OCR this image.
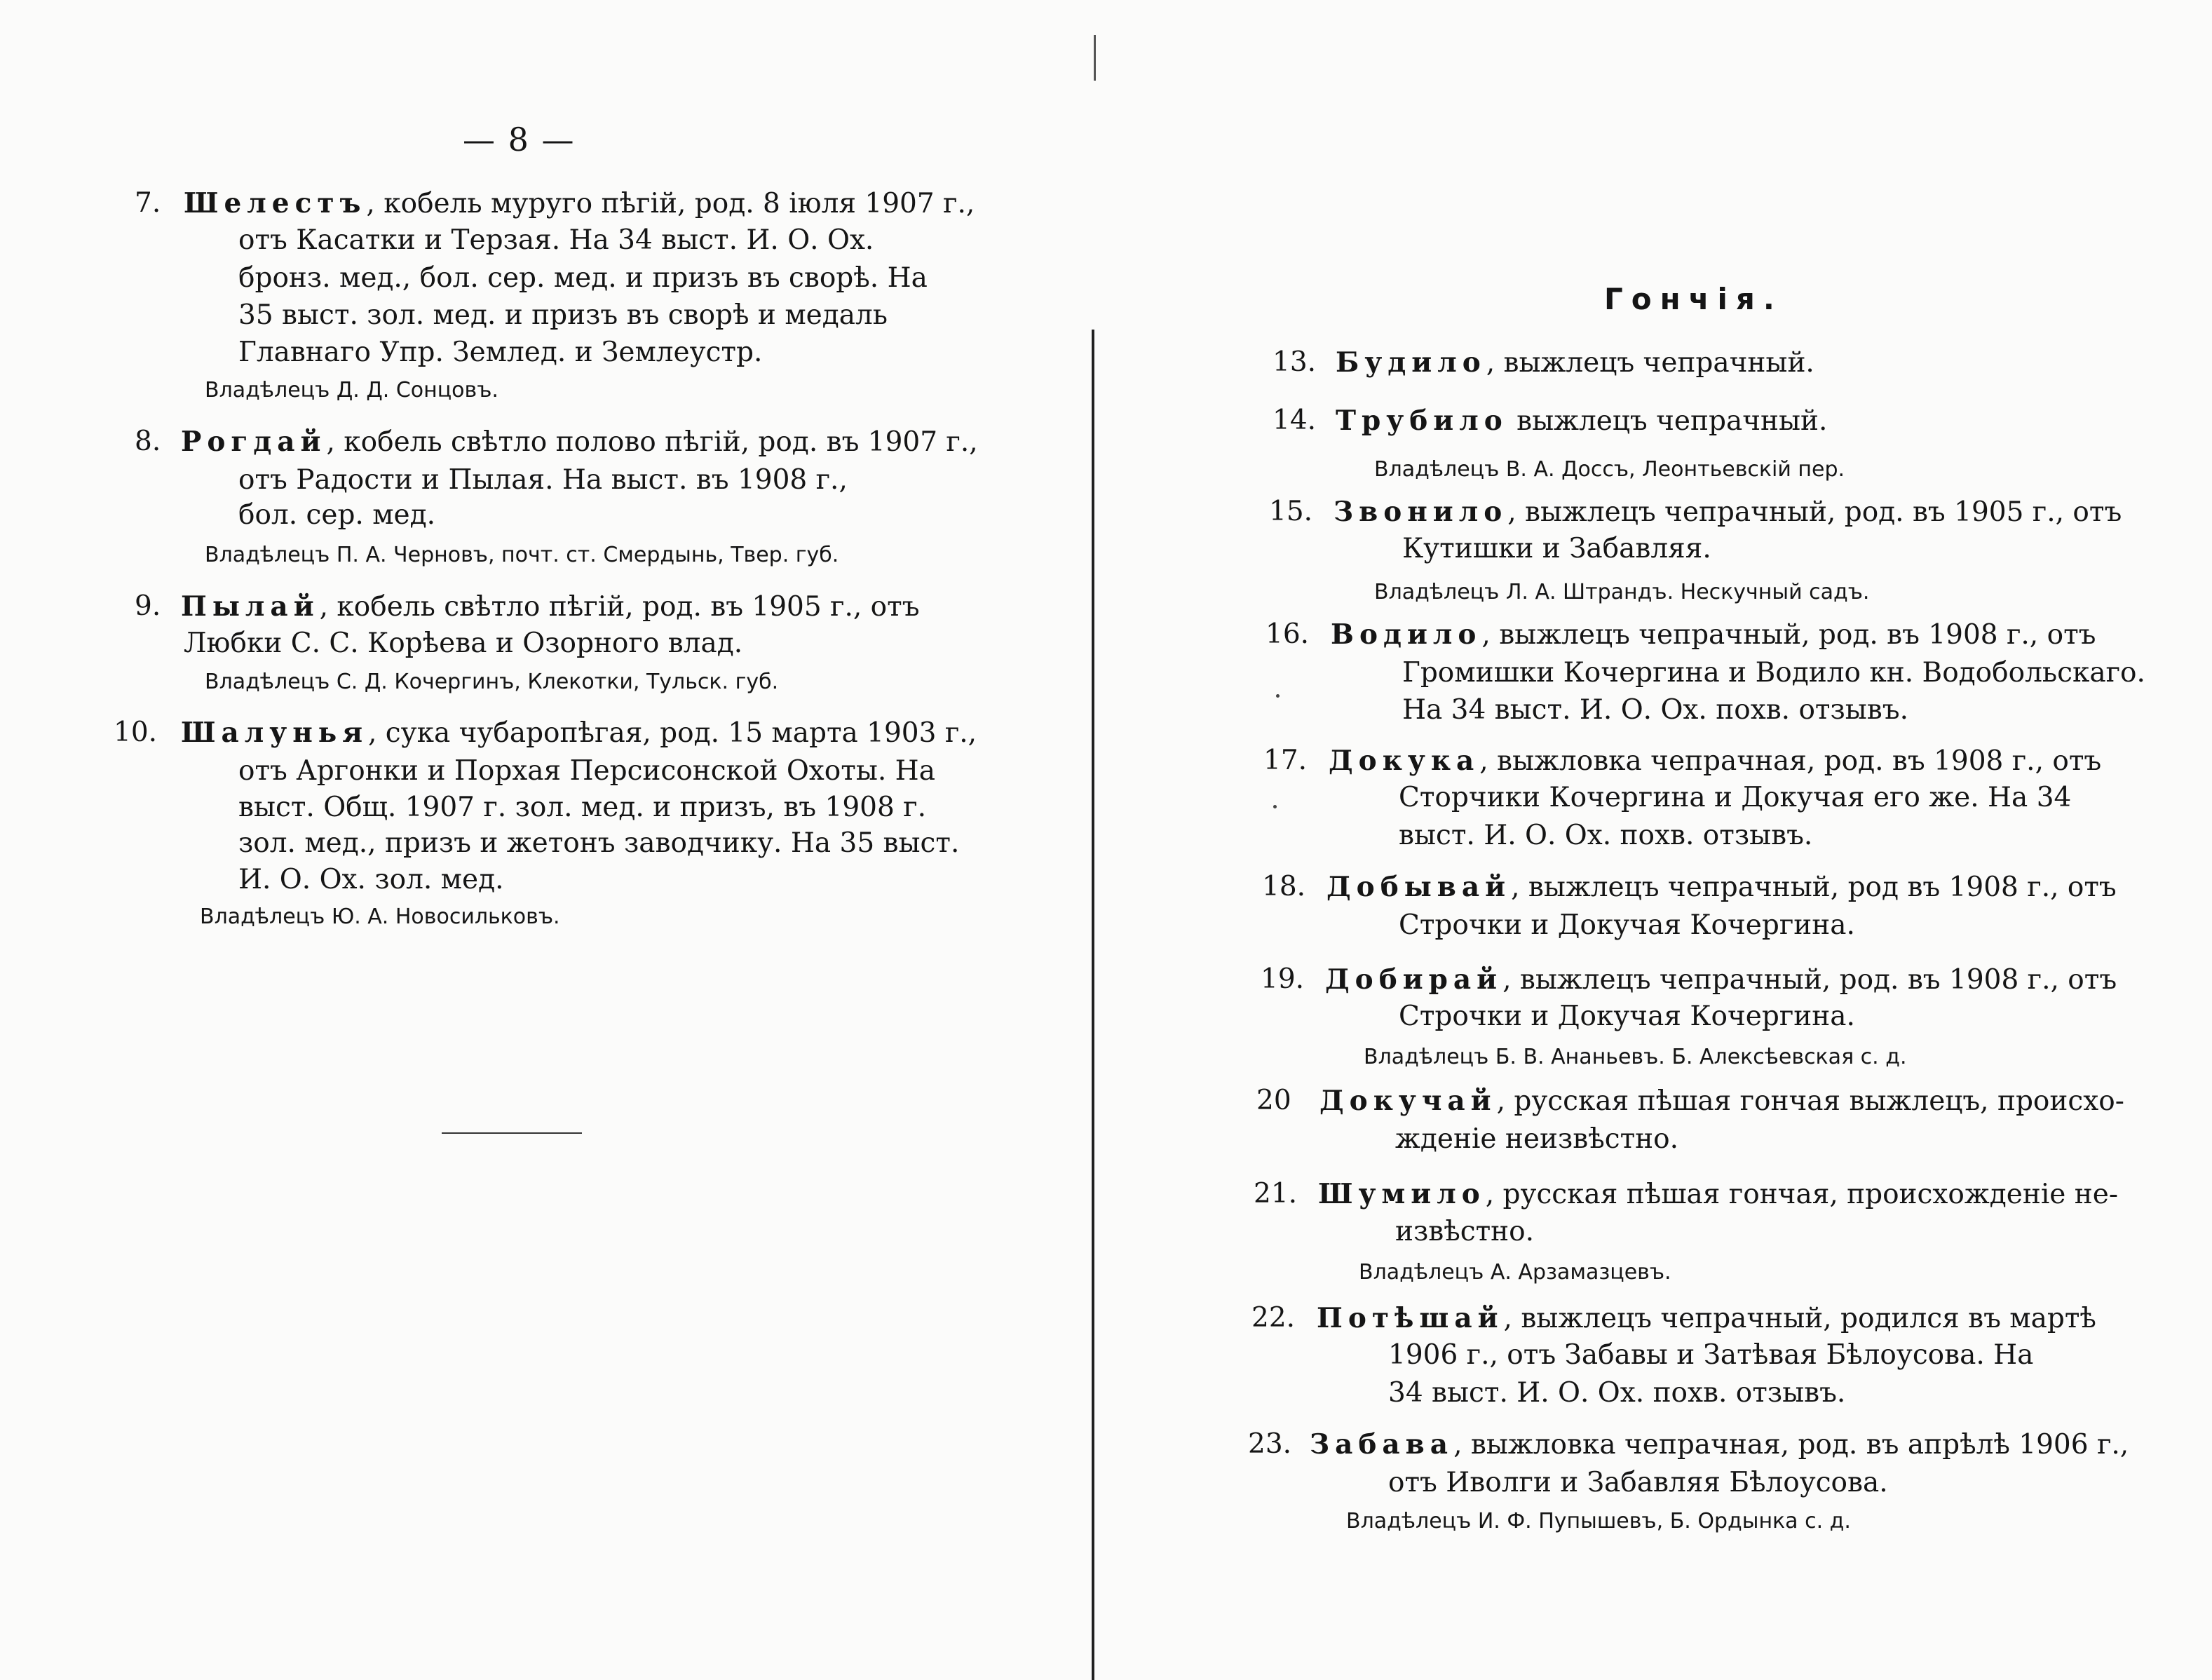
— 8 —
7. Шелестъ, кобель муруго пѣгій, род. 8 іюля 1907 г.,
отъ Касатки и Терзая. На 34 выст. И. О. Ох.
бронз. мед., бол. сер. мед. и призъ въ сворѣ. На
35 выст. зол. мед. и призъ въ сворѣ и медаль
Главнаго Упр. Землед. и Землеустр.
Владѣлецъ Д. Д. Сонцовъ.
8. Рогдай, кобель свѣтло полово пѣгій, род. въ 1907 г.,
отъ Радости и Пылая. На выст. въ 1908 г.,
бол. сер. мед.
Владѣлецъ П. А. Черновъ, почт. ст. Смердынь, Твер. губ.
9. Пылай, кобель свѣтло пѣгій, род. въ 1905 г., отъ
Любки С. С. Корѣева и Озорного влад.
Владѣлецъ С. Д. Кочергинъ, Клекотки, Тульск. губ.
10. Шалунья, сука чубаропѣгая, род. 15 марта 1903 г.,
отъ Аргонки и Порхая Персисонской Охоты. На
выст. Общ. 1907 г. зол. мед. и призъ, въ 1908 г.
зол. мед., призъ и жетонъ заводчику. На 35 выст.
И. О. Ох. зол. мед.
Владѣлецъ Ю. А. Новосильковъ.
Гончія.
13. Будило, выжлецъ чепрачный.
14. Трубило выжлецъ чепрачный.
Владѣлецъ В. А. Доссъ, Леонтьевскій пер.
15. Звонило, выжлецъ чепрачный, род. въ 1905 г., отъ
Кутишки и Забавляя.
Владѣлецъ Л. А. Штрандъ. Нескучный садъ.
16. Водило, выжлецъ чепрачный, род. въ 1908 г., отъ
Громишки Кочергина и Водило кн. Водобольскаго.
На 34 выст. И. О. Ох. похв. отзывъ.
17. Докука, выжловка чепрачная, род. въ 1908 г., отъ
Сторчики Кочергина и Докучая его же. На 34
выст. И. О. Ох. похв. отзывъ.
18. Добывай, выжлецъ чепрачный, род въ 1908 г., отъ
Строчки и Докучая Кочергина.
19. Добирай, выжлецъ чепрачный, род. въ 1908 г., отъ
Строчки и Докучая Кочергина.
Владѣлецъ Б. В. Ананьевъ. Б. Алексѣевская с. д.
20 Докучай, русская пѣшая гончая выжлецъ, происхо-
жденіе неизвѣстно.
21. Шумило, русская пѣшая гончая, происхожденіе не-
извѣстно.
Владѣлецъ А. Арзамазцевъ.
22. Потѣшай, выжлецъ чепрачный, родился въ мартѣ
1906 г., отъ Забавы и Затѣвая Бѣлоусова. На
34 выст. И. О. Ох. похв. отзывъ.
23. Забава, выжловка чепрачная, род. въ апрѣлѣ 1906 г.,
отъ Иволги и Забавляя Бѣлоусова.
Владѣлецъ И. Ф. Пупышевъ, Б. Ордынка с. д.
